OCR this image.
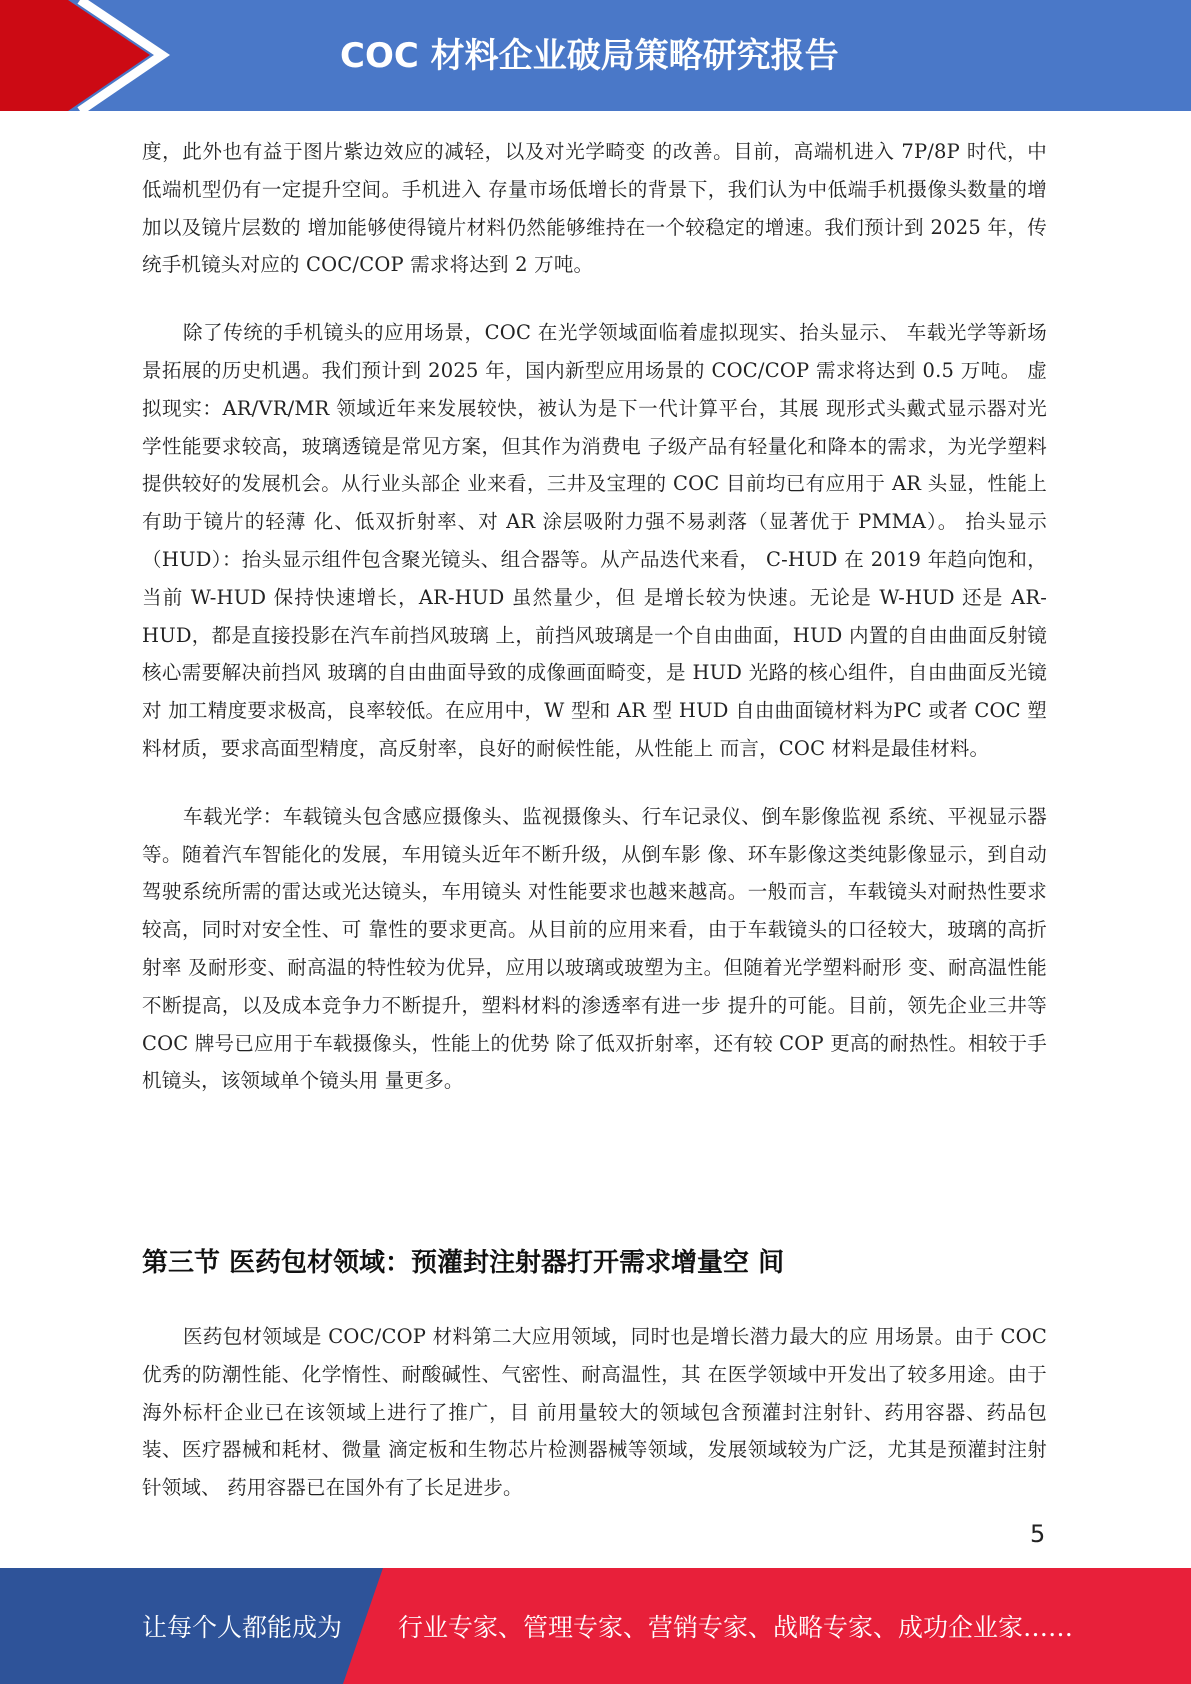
COC 材料企业破局策略研究报告

度，此外也有益于图片紫边效应的减轻，以及对光学畸变 的改善。目前，高端机进入 7P/8P 时代，中低端机型仍有一定提升空间。手机进入 存量市场低增长的背景下，我们认为中低端手机摄像头数量的增加以及镜片层数的 增加能够使得镜片材料仍然能够维持在一个较稳定的增速。我们预计到 2025 年，传 统手机镜头对应的 COC/COP 需求将达到 2 万吨。

除了传统的手机镜头的应用场景，COC 在光学领域面临着虚拟现实、抬头显示、 车载光学等新场景拓展的历史机遇。我们预计到 2025 年，国内新型应用场景的 COC/COP 需求将达到 0.5 万吨。 虚拟现实：AR/VR/MR 领域近年来发展较快，被认为是下一代计算平台，其展 现形式头戴式显示器对光学性能要求较高，玻璃透镜是常见方案，但其作为消费电 子级产品有轻量化和降本的需求，为光学塑料提供较好的发展机会。从行业头部企 业来看，三井及宝理的 COC 目前均已有应用于 AR 头显，性能上有助于镜片的轻薄 化、低双折射率、对 AR 涂层吸附力强不易剥落（显著优于 PMMA）。 抬头显示（HUD）：抬头显示组件包含聚光镜头、组合器等。从产品迭代来看， C-HUD 在 2019 年趋向饱和，当前 W-HUD 保持快速增长，AR-HUD 虽然量少，但 是增长较为快速。无论是 W-HUD 还是 AR-HUD，都是直接投影在汽车前挡风玻璃 上，前挡风玻璃是一个自由曲面，HUD 内置的自由曲面反射镜核心需要解决前挡风 玻璃的自由曲面导致的成像画面畸变，是 HUD 光路的核心组件，自由曲面反光镜对 加工精度要求极高，良率较低。在应用中，W 型和 AR 型 HUD 自由曲面镜材料为PC 或者 COC 塑料材质，要求高面型精度，高反射率，良好的耐候性能，从性能上 而言，COC 材料是最佳材料。

车载光学：车载镜头包含感应摄像头、监视摄像头、行车记录仪、倒车影像监视 系统、平视显示器等。随着汽车智能化的发展，车用镜头近年不断升级，从倒车影 像、环车影像这类纯影像显示，到自动驾驶系统所需的雷达或光达镜头，车用镜头 对性能要求也越来越高。一般而言，车载镜头对耐热性要求较高，同时对安全性、可 靠性的要求更高。从目前的应用来看，由于车载镜头的口径较大，玻璃的高折射率 及耐形变、耐高温的特性较为优异，应用以玻璃或玻塑为主。但随着光学塑料耐形 变、耐高温性能不断提高，以及成本竞争力不断提升，塑料材料的渗透率有进一步 提升的可能。目前，领先企业三井等 COC 牌号已应用于车载摄像头，性能上的优势 除了低双折射率，还有较 COP 更高的耐热性。相较于手机镜头，该领域单个镜头用 量更多。

第三节 医药包材领域：预灌封注射器打开需求增量空 间

医药包材领域是 COC/COP 材料第二大应用领域，同时也是增长潜力最大的应 用场景。由于 COC 优秀的防潮性能、化学惰性、耐酸碱性、气密性、耐高温性，其 在医学领域中开发出了较多用途。由于海外标杆企业已在该领域上进行了推广，目 前用量较大的领域包含预灌封注射针、药用容器、药品包装、医疗器械和耗材、微量 滴定板和生物芯片检测器械等领域，发展领域较为广泛，尤其是预灌封注射针领域、 药用容器已在国外有了长足进步。

5
让每个人都能成为 行业专家、管理专家、营销专家、战略专家、成功企业家……
